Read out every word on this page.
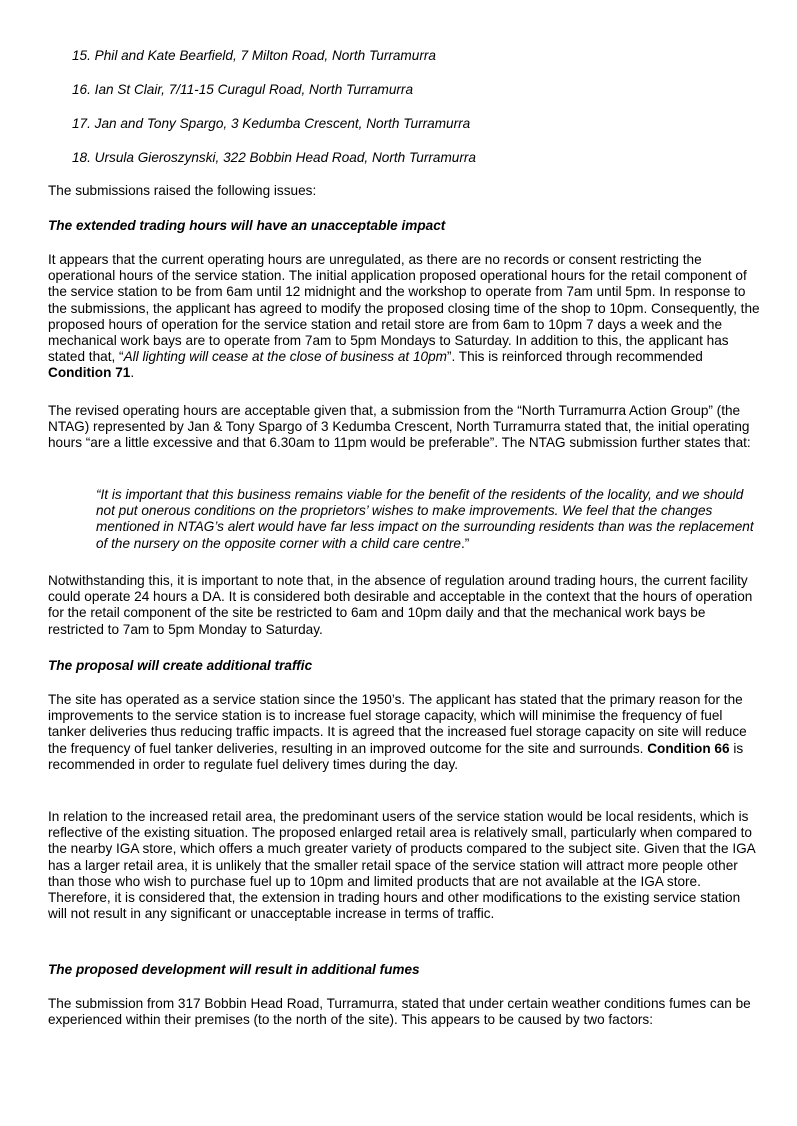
15. Phil and Kate Bearfield, 7 Milton Road, North Turramurra
16. Ian St Clair, 7/11-15 Curagul Road, North Turramurra
17. Jan and Tony Spargo, 3 Kedumba Crescent, North Turramurra
18. Ursula Gieroszynski, 322 Bobbin Head Road, North Turramurra
The submissions raised the following issues:
The extended trading hours will have an unacceptable impact

It appears that the current operating hours are unregulated, as there are no records or consent restricting the operational hours of the service station. The initial application proposed operational hours for the retail component of the service station to be from 6am until 12 midnight and the workshop to operate from 7am until 5pm. In response to the submissions, the applicant has agreed to modify the proposed closing time of the shop to 10pm. Consequently, the proposed hours of operation for the service station and retail store are from 6am to 10pm 7 days a week and the mechanical work bays are to operate from 7am to 5pm Mondays to Saturday. In addition to this, the applicant has stated that, “All lighting will cease at the close of business at 10pm”. This is reinforced through recommended Condition 71.

The revised operating hours are acceptable given that, a submission from the “North Turramurra Action Group” (the NTAG) represented by Jan & Tony Spargo of 3 Kedumba Crescent, North Turramurra stated that, the initial operating hours “are a little excessive and that 6.30am to 11pm would be preferable”. The NTAG submission further states that:

“It is important that this business remains viable for the benefit of the residents of the locality, and we should not put onerous conditions on the proprietors’ wishes to make improvements. We feel that the changes mentioned in NTAG’s alert would have far less impact on the surrounding residents than was the replacement of the nursery on the opposite corner with a child care centre.”

Notwithstanding this, it is important to note that, in the absence of regulation around trading hours, the current facility could operate 24 hours a DA. It is considered both desirable and acceptable in the context that the hours of operation for the retail component of the site be restricted to 6am and 10pm daily and that the mechanical work bays be restricted to 7am to 5pm Monday to Saturday.

The proposal will create additional traffic

The site has operated as a service station since the 1950’s. The applicant has stated that the primary reason for the improvements to the service station is to increase fuel storage capacity, which will minimise the frequency of fuel tanker deliveries thus reducing traffic impacts. It is agreed that the increased fuel storage capacity on site will reduce the frequency of fuel tanker deliveries, resulting in an improved outcome for the site and surrounds. Condition 66 is recommended in order to regulate fuel delivery times during the day.

In relation to the increased retail area, the predominant users of the service station would be local residents, which is reflective of the existing situation. The proposed enlarged retail area is relatively small, particularly when compared to the nearby IGA store, which offers a much greater variety of products compared to the subject site. Given that the IGA has a larger retail area, it is unlikely that the smaller retail space of the service station will attract more people other than those who wish to purchase fuel up to 10pm and limited products that are not available at the IGA store. Therefore, it is considered that, the extension in trading hours and other modifications to the existing service station will not result in any significant or unacceptable increase in terms of traffic.

The proposed development will result in additional fumes

The submission from 317 Bobbin Head Road, Turramurra, stated that under certain weather conditions fumes can be experienced within their premises (to the north of the site). This appears to be caused by two factors:
